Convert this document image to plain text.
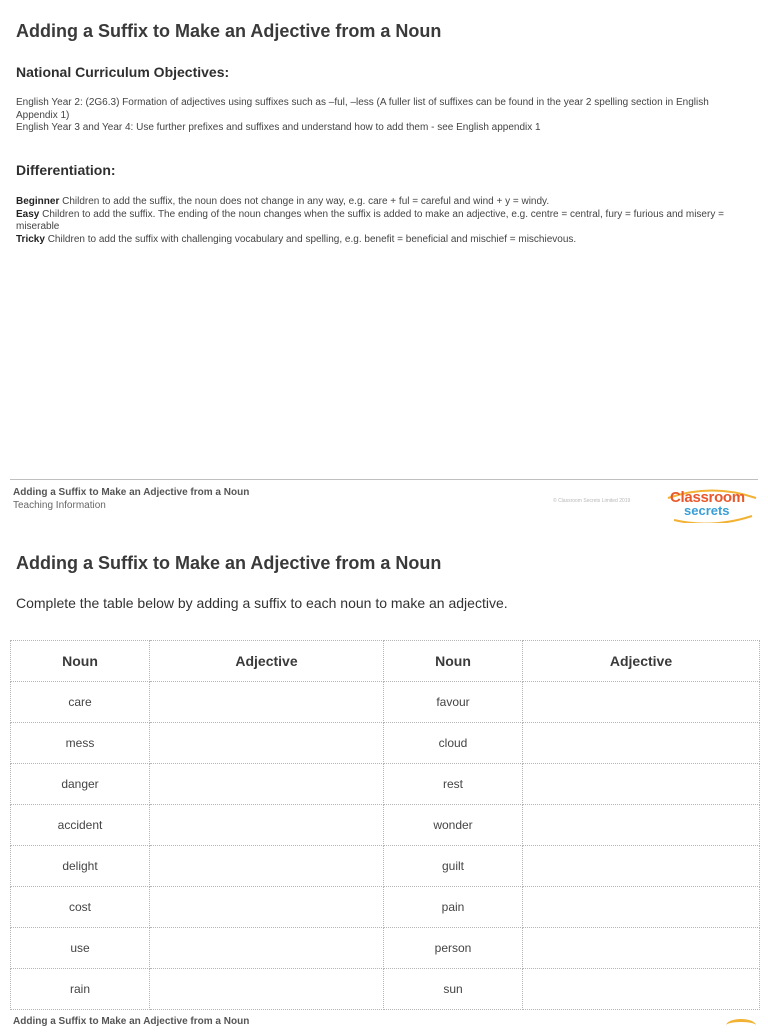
Adding a Suffix to Make an Adjective from a Noun
National Curriculum Objectives:

English Year 2: (2G6.3) Formation of adjectives using suffixes such as –ful, –less (A fuller list of suffixes can be found in the year 2 spelling section in English Appendix 1)

English Year 3 and Year 4: Use further prefixes and suffixes and understand how to add them - see English appendix 1

Differentiation:

Beginner Children to add the suffix, the noun does not change in any way, e.g. care + ful = careful and wind + y = windy.

Easy Children to add the suffix. The ending of the noun changes when the suffix is added to make an adjective, e.g. centre = central, fury = furious and misery = miserable

Tricky Children to add the suffix with challenging vocabulary and spelling, e.g. benefit = beneficial and mischief = mischievous.

Adding a Suffix to Make an Adjective from a Noun
Teaching Information	© Classroom Secrets Limited 2019	Classroom
secrets
Adding a Suffix to Make an Adjective from a Noun

Complete the table below by adding a suffix to each noun to make an adjective.

Noun	Adjective	Noun	Adjective
care		favour	
mess		cloud	
danger		rest	
accident		wonder	
delight		guilt	
cost		pain	
use		person	
rain		sun	
Adding a Suffix to Make an Adjective from a Noun
